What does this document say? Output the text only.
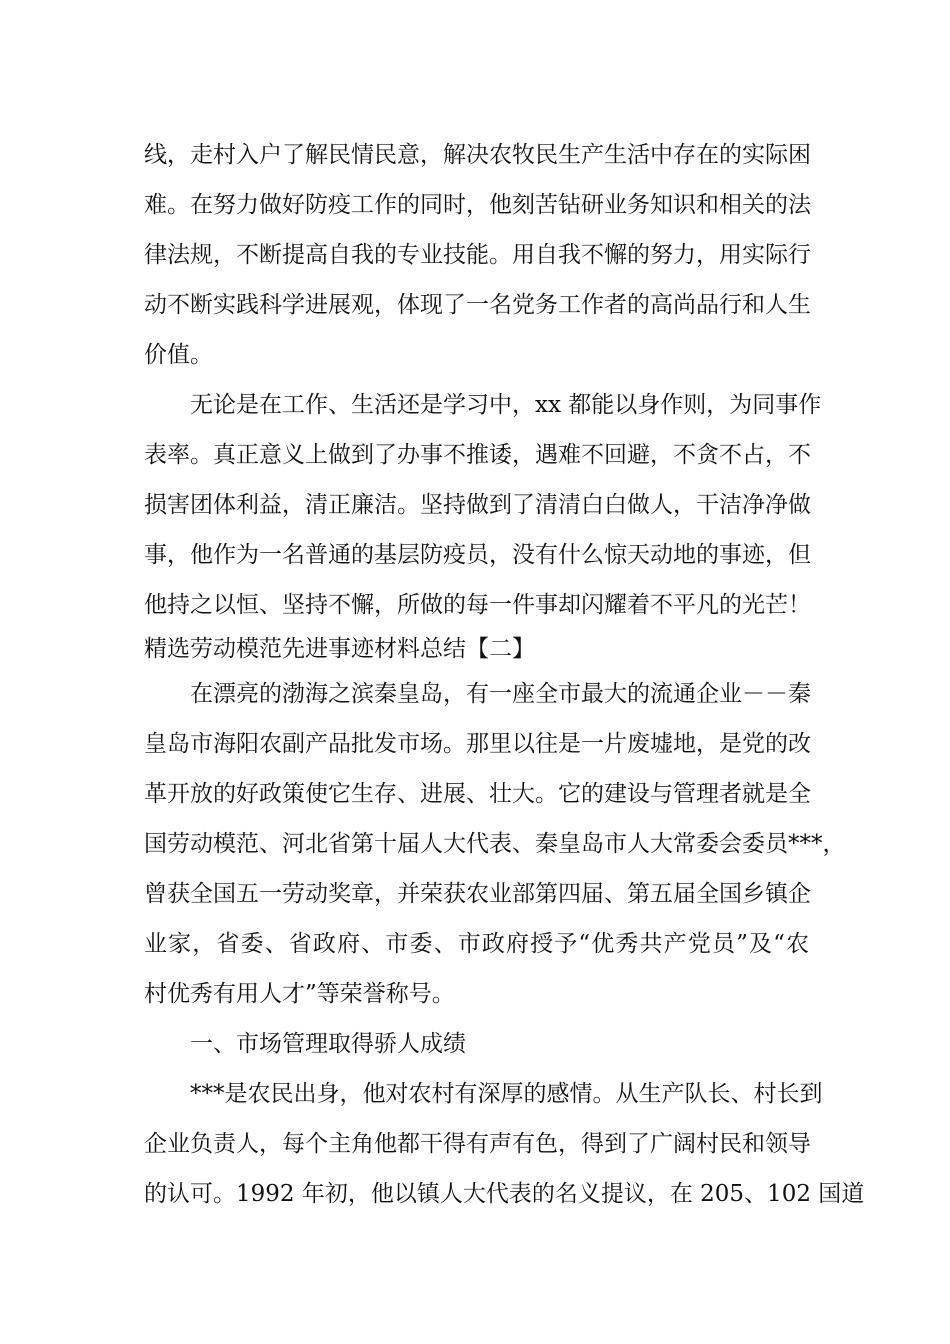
线，走村入户了解民情民意，解决农牧民生产生活中存在的实际困
难。在努力做好防疫工作的同时，他刻苦钻研业务知识和相关的法
律法规，不断提高自我的专业技能。用自我不懈的努力，用实际行
动不断实践科学进展观，体现了一名党务工作者的高尚品行和人生
价值。
无论是在工作、生活还是学习中，xx 都能以身作则，为同事作
表率。真正意义上做到了办事不推诿，遇难不回避，不贪不占，不
损害团体利益，清正廉洁。坚持做到了清清白白做人，干洁净净做
事，他作为一名普通的基层防疫员，没有什么惊天动地的事迹，但
他持之以恒、坚持不懈，所做的每一件事却闪耀着不平凡的光芒！
精选劳动模范先进事迹材料总结【二】
在漂亮的渤海之滨秦皇岛，有一座全市最大的流通企业－－秦
皇岛市海阳农副产品批发市场。那里以往是一片废墟地，是党的改
革开放的好政策使它生存、进展、壮大。它的建设与管理者就是全
国劳动模范、河北省第十届人大代表、秦皇岛市人大常委会委员***，
曾获全国五一劳动奖章，并荣获农业部第四届、第五届全国乡镇企
业家，省委、省政府、市委、市政府授予“优秀共产党员”及“农
村优秀有用人才”等荣誉称号。
一、市场管理取得骄人成绩
***是农民出身，他对农村有深厚的感情。从生产队长、村长到
企业负责人，每个主角他都干得有声有色，得到了广阔村民和领导
的认可。1992 年初，他以镇人大代表的名义提议，在 205、102 国道
